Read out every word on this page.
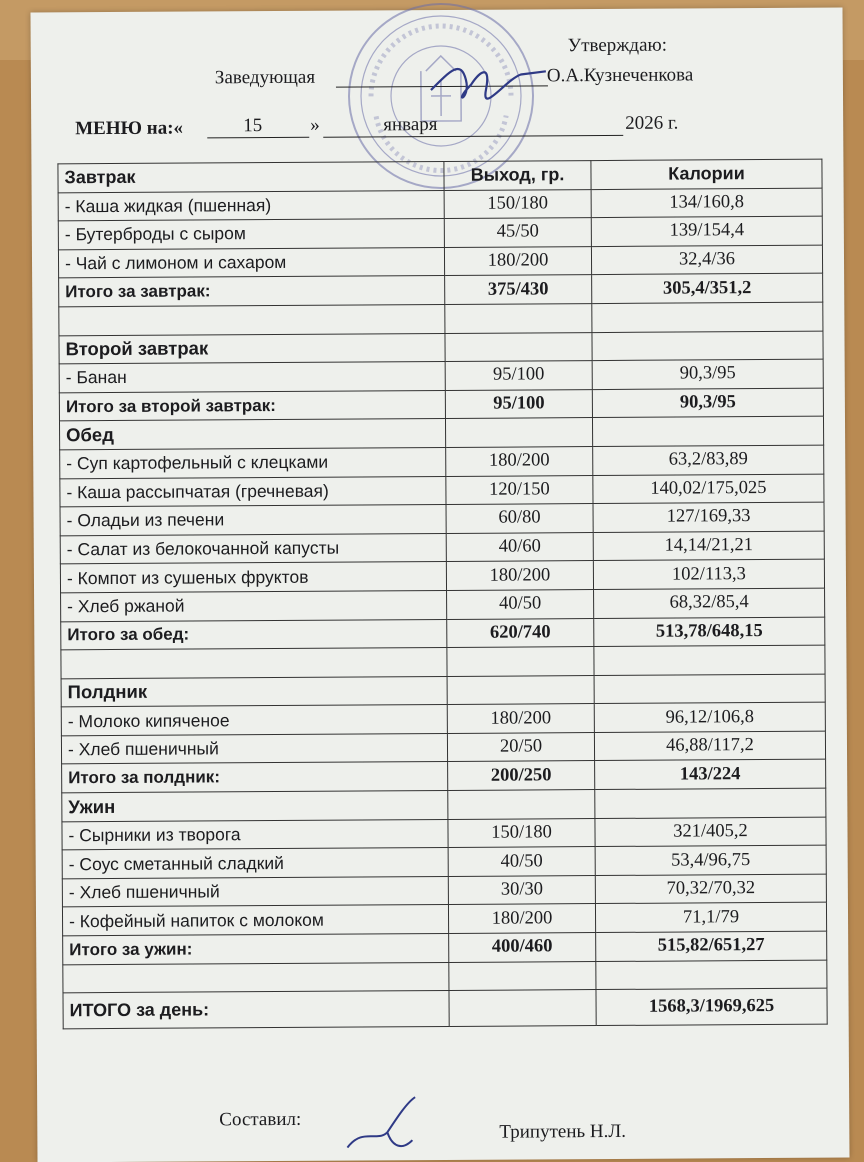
Утверждаю:
Заведующая	О.А.Кузнеченкова
МЕНЮ на:«	15	»	января	2026 г.
Завтрак	Выход, гр.	Калории
- Каша жидкая (пшенная)	150/180	134/160,8
- Бутерброды с сыром	45/50	139/154,4
- Чай с лимоном и сахаром	180/200	32,4/36
Итого за завтрак:	375/430	305,4/351,2

Второй завтрак		
- Банан	95/100	90,3/95
Итого за второй завтрак:	95/100	90,3/95
Обед		
- Суп картофельный с клецками	180/200	63,2/83,89
- Каша рассыпчатая (гречневая)	120/150	140,02/175,025
- Оладьи из печени	60/80	127/169,33
- Салат из белокочанной капусты	40/60	14,14/21,21
- Компот из сушеных фруктов	180/200	102/113,3
- Хлеб ржаной	40/50	68,32/85,4
Итого за обед:	620/740	513,78/648,15

Полдник		
- Молоко кипяченое	180/200	96,12/106,8
- Хлеб пшеничный	20/50	46,88/117,2
Итого за полдник:	200/250	143/224
Ужин		
- Сырники из творога	150/180	321/405,2
- Соус сметанный сладкий	40/50	53,4/96,75
- Хлеб пшеничный	30/30	70,32/70,32
- Кофейный напиток с молоком	180/200	71,1/79
Итого за ужин:	400/460	515,82/651,27

ИТОГО за день:		1568,3/1969,625
Составил:
Трипутень Н.Л.
